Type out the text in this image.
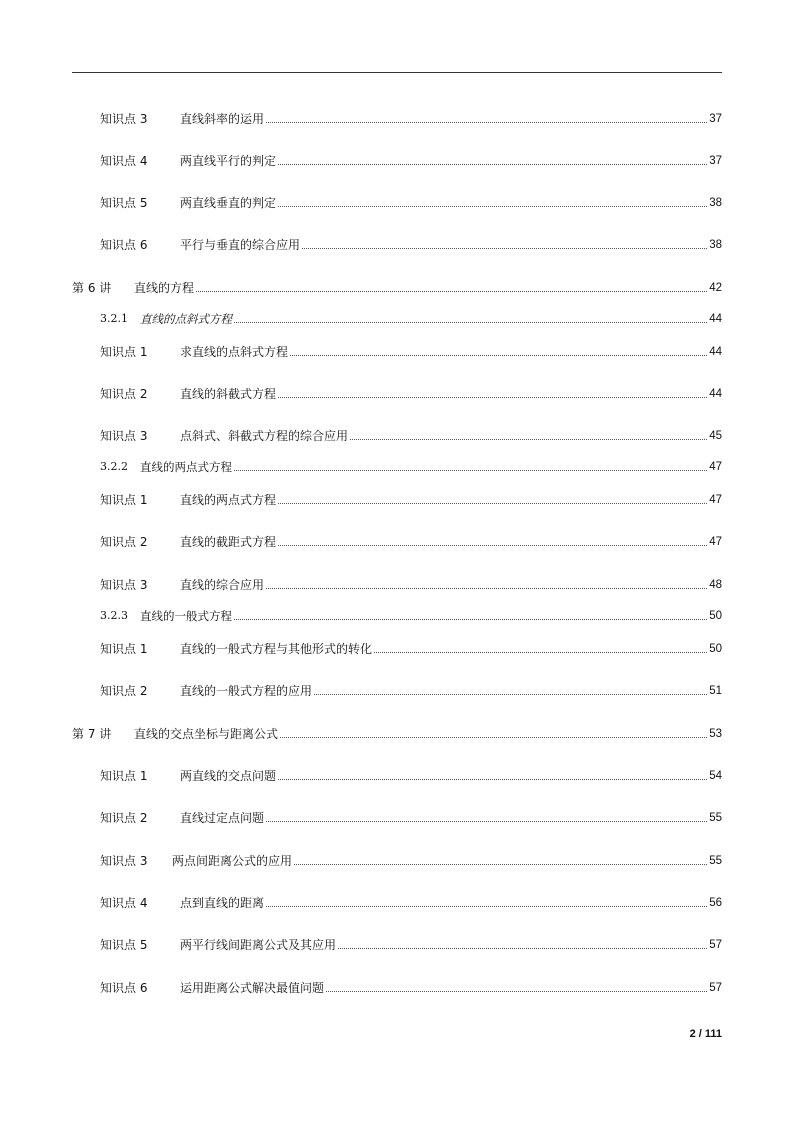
知识点 3	直线斜率的运用	37
知识点 4	两直线平行的判定	37
知识点 5	两直线垂直的判定	38
知识点 6	平行与垂直的综合应用	38
第 6 讲	直线的方程	42
3.2.1	直线的点斜式方程	44
知识点 1	求直线的点斜式方程	44
知识点 2	直线的斜截式方程	44
知识点 3	点斜式、斜截式方程的综合应用	45
3.2.2	直线的两点式方程	47
知识点 1	直线的两点式方程	47
知识点 2	直线的截距式方程	47
知识点 3	直线的综合应用	48
3.2.3	直线的一般式方程	50
知识点 1	直线的一般式方程与其他形式的转化	50
知识点 2	直线的一般式方程的应用	51
第 7 讲	直线的交点坐标与距离公式	53
知识点 1	两直线的交点问题	54
知识点 2	直线过定点问题	55
知识点 3	两点间距离公式的应用	55
知识点 4	点到直线的距离	56
知识点 5	两平行线间距离公式及其应用	57
知识点 6	运用距离公式解决最值问题	57
2 / 111
